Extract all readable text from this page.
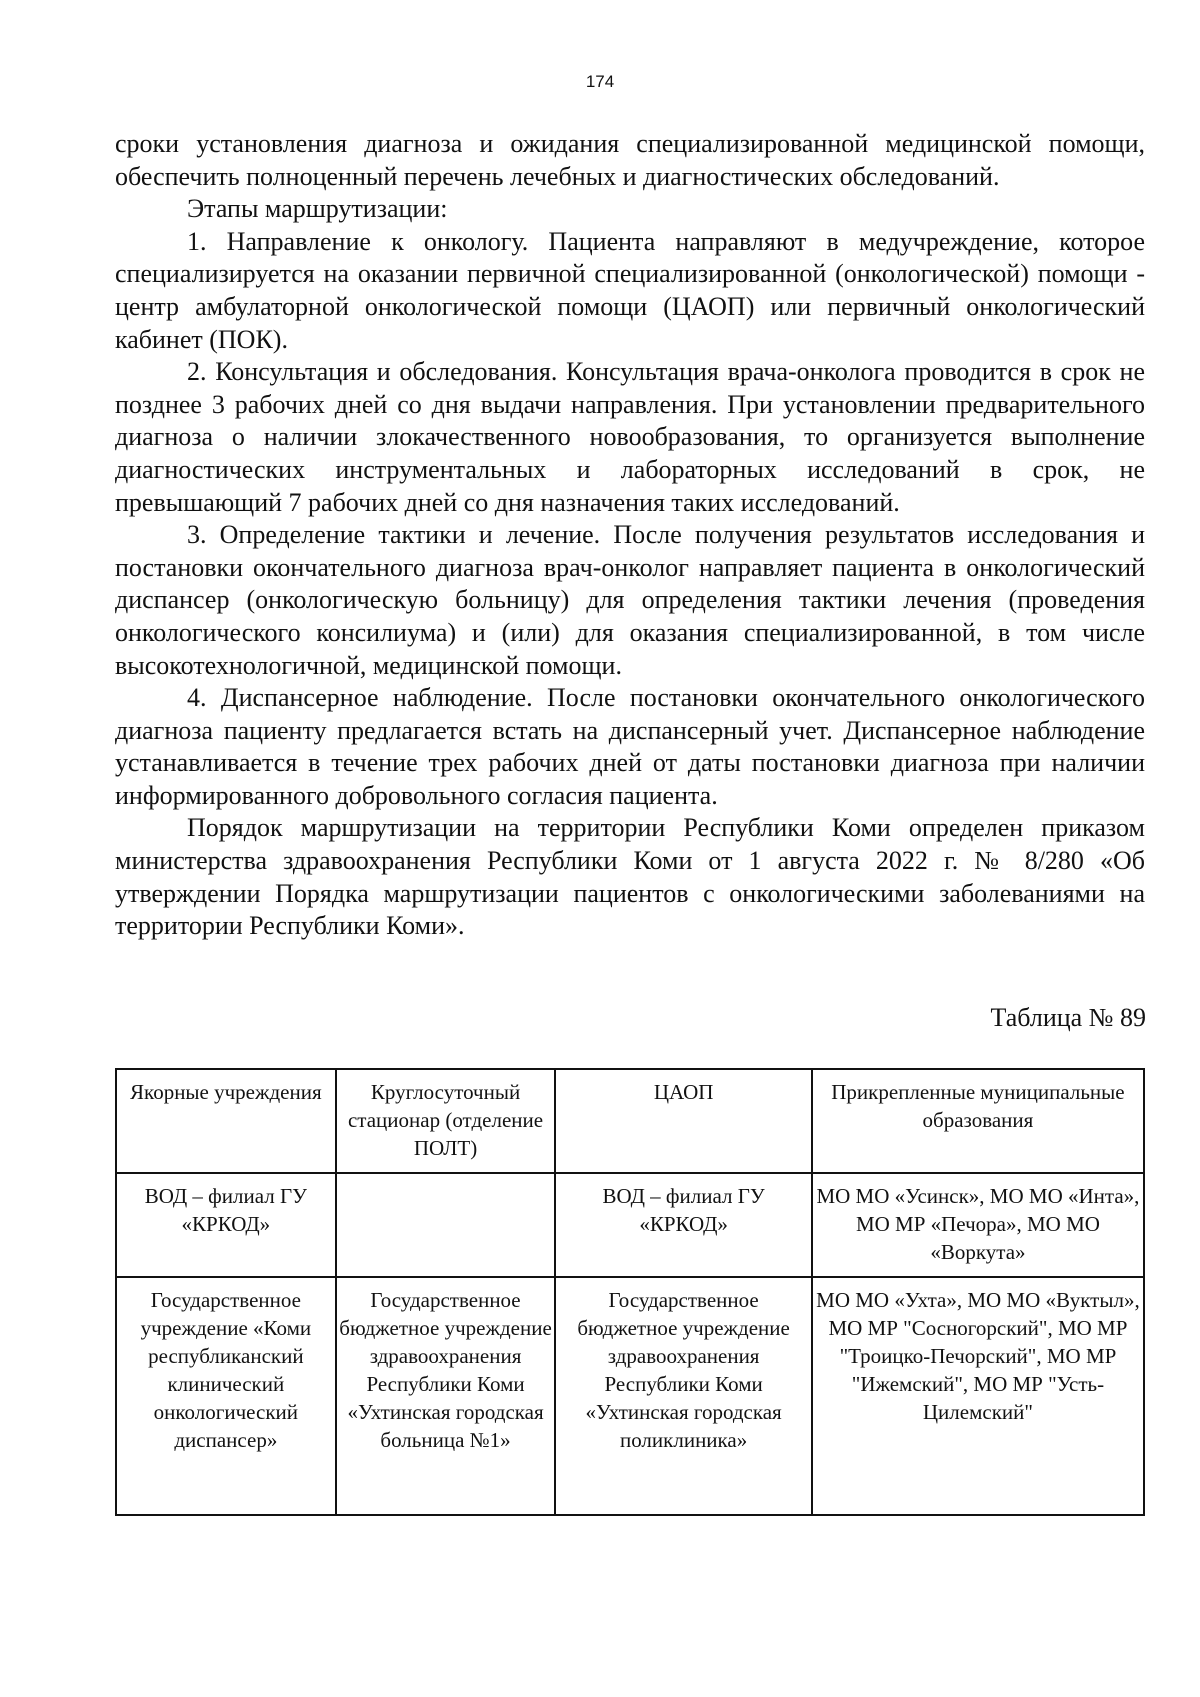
174

сроки установления диагноза и ожидания специализированной медицинской помощи, обеспечить полноценный перечень лечебных и диагностических обследований.

Этапы маршрутизации:

1. Направление к онкологу. Пациента направляют в медучреждение, которое специализируется на оказании первичной специализированной (онкологической) помощи - центр амбулаторной онкологической помощи (ЦАОП) или первичный онкологический кабинет (ПОК).

2. Консультация и обследования. Консультация врача-онколога проводится в срок не позднее 3 рабочих дней со дня выдачи направления. При установлении предварительного диагноза о наличии злокачественного новообразования, то организуется выполнение диагностических инструментальных и лабораторных исследований в срок, не превышающий 7 рабочих дней со дня назначения таких исследований.

3. Определение тактики и лечение. После получения результатов исследования и постановки окончательного диагноза врач-онколог направляет пациента в онкологический диспансер (онкологическую больницу) для определения тактики лечения (проведения онкологического консилиума) и (или) для оказания специализированной, в том числе высокотехнологичной, медицинской помощи.

4. Диспансерное наблюдение. После постановки окончательного онкологического диагноза пациенту предлагается встать на диспансерный учет. Диспансерное наблюдение устанавливается в течение трех рабочих дней от даты постановки диагноза при наличии информированного добровольного согласия пациента.

Порядок маршрутизации на территории Республики Коми определен приказом министерства здравоохранения Республики Коми от 1 августа 2022 г. № 8/280 «Об утверждении Порядка маршрутизации пациентов с онкологическими заболеваниями на территории Республики Коми».

Таблица № 89
Якорные учреждения	Круглосуточный стационар (отделение ПОЛТ)	ЦАОП	Прикрепленные муниципальные образования
ВОД – филиал ГУ «КРКОД»		ВОД – филиал ГУ «КРКОД»	МО МО «Усинск», МО МО «Инта», МО МР «Печора», МО МО «Воркута»
Государственное учреждение «Коми республиканский клинический онкологический диспансер»	Государственное бюджетное учреждение здравоохранения Республики Коми «Ухтинская городская больница №1»	Государственное бюджетное учреждение здравоохранения Республики Коми «Ухтинская городская поликлиника»	МО МО «Ухта», МО МО «Вуктыл», МО МР "Сосногорский", МО МР "Троицко-Печорский", МО МР "Ижемский", МО МР "Усть-Цилемский"
